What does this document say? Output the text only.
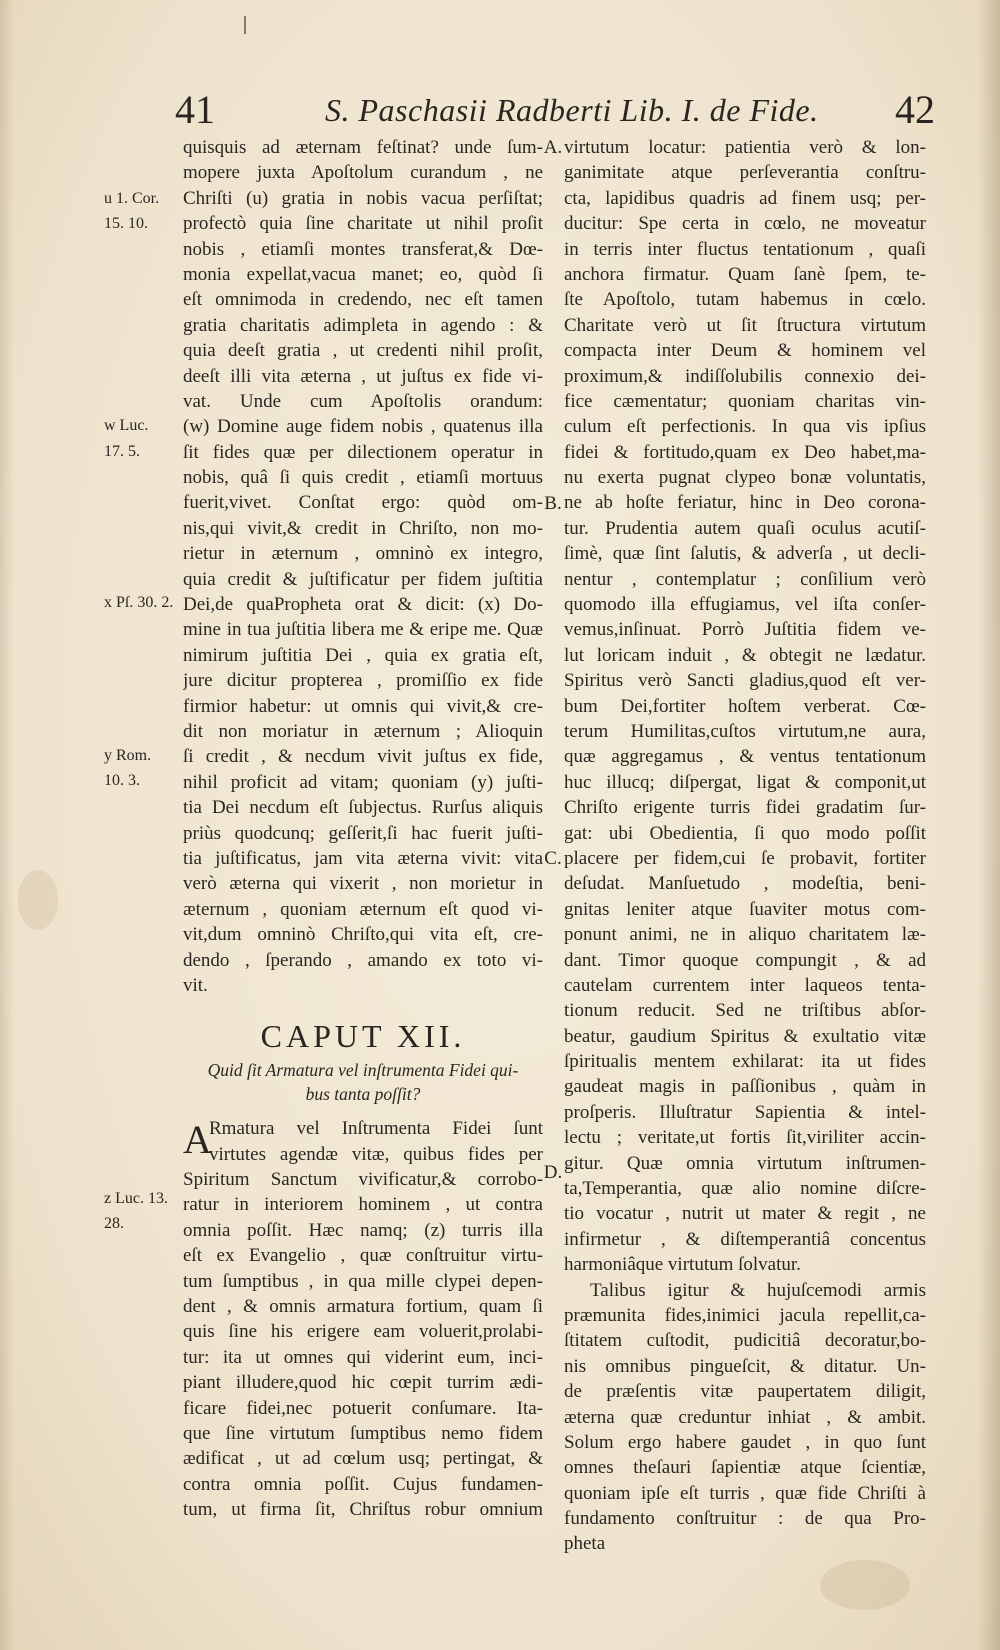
41	S. Paschasii Radberti Lib. I. de Fide. 42
u 1. Cor.
15. 10.
w Luc.
17. 5.
x Pſ. 30. 2.
y Rom.
10. 3.
z Luc. 13.
28.
A.
B.
C.
D.
quisquis ad æternam feſtinat? unde ſum-
mopere juxta Apoſtolum curandum , ne
Chriſti (u) gratia in nobis vacua perſiſtat;
profectò quia ſine charitate ut nihil proſit
nobis , etiamſi montes transferat,& Dœ-
monia expellat,vacua manet; eo, quòd ſi
eſt omnimoda in credendo, nec eſt tamen
gratia charitatis adimpleta in agendo : &
quia deeſt gratia , ut credenti nihil proſit,
deeſt illi vita æterna , ut juſtus ex fide vi-
vat. Unde cum Apoſtolis orandum:
(w) Domine auge fidem nobis , quatenus illa
ſit fides quæ per dilectionem operatur in
nobis, quâ ſi quis credit , etiamſi mortuus
fuerit,vivet. Conſtat ergo: quòd om-
nis,qui vivit,& credit in Chriſto, non mo-
rietur in æternum , omninò ex integro,
quia credit & juſtificatur per fidem juſtitia
Dei,de quaPropheta orat & dicit: (x) Do-
mine in tua juſtitia libera me & eripe me. Quæ
nimirum juſtitia Dei , quia ex gratia eſt,
jure dicitur propterea , promiſſio ex fide
firmior habetur: ut omnis qui vivit,& cre-
dit non moriatur in æternum ; Alioquin
ſi credit , & necdum vivit juſtus ex fide,
nihil proficit ad vitam; quoniam (y) juſti-
tia Dei necdum eſt ſubjectus. Rurſus aliquis
priùs quodcunq; geſſerit,ſi hac fuerit juſti-
tia juſtificatus, jam vita æterna vivit: vita
verò æterna qui vixerit , non morietur in
æternum , quoniam æternum eſt quod vi-
vit,dum omninò Chriſto,qui vita eſt, cre-
dendo , ſperando , amando ex toto vi-
vit.
CAPUT XII.
Quid ſit Armatura vel inſtrumenta Fidei qui-
bus tanta poſſit?
A
Rmatura vel Inſtrumenta Fidei ſunt
virtutes agendæ vitæ, quibus fides per
Spiritum Sanctum vivificatur,& corrobo-
ratur in interiorem hominem , ut contra
omnia poſſit. Hæc namq; (z) turris illa
eſt ex Evangelio , quæ conſtruitur virtu-
tum ſumptibus , in qua mille clypei depen-
dent , & omnis armatura fortium, quam ſi
quis ſine his erigere eam voluerit,prolabi-
tur: ita ut omnes qui viderint eum, inci-
piant illudere,quod hic cœpit turrim ædi-
ficare fidei,nec potuerit conſumare. Ita-
que ſine virtutum ſumptibus nemo fidem
ædificat , ut ad cœlum usq; pertingat, &
contra omnia poſſit. Cujus fundamen-
tum, ut firma ſit, Chriſtus robur omnium
virtutum locatur: patientia verò & lon-
ganimitate atque perſeverantia conſtru-
cta, lapidibus quadris ad finem usq; per-
ducitur: Spe certa in cœlo, ne moveatur
in terris inter fluctus tentationum , quaſi
anchora firmatur. Quam ſanè ſpem, te-
ſte Apoſtolo, tutam habemus in cœlo.
Charitate verò ut ſit ſtructura virtutum
compacta inter Deum & hominem vel
proximum,& indiſſolubilis connexio dei-
fice cæmentatur; quoniam charitas vin-
culum eſt perfectionis. In qua vis ipſius
fidei & fortitudo,quam ex Deo habet,ma-
nu exerta pugnat clypeo bonæ voluntatis,
ne ab hoſte feriatur, hinc in Deo corona-
tur. Prudentia autem quaſi oculus acutiſ-
ſimè, quæ ſint ſalutis, & adverſa , ut decli-
nentur , contemplatur ; conſilium verò
quomodo illa effugiamus, vel iſta conſer-
vemus,inſinuat. Porrò Juſtitia fidem ve-
lut loricam induit , & obtegit ne lædatur.
Spiritus verò Sancti gladius,quod eſt ver-
bum Dei,fortiter hoſtem verberat. Cœ-
terum Humilitas,cuſtos virtutum,ne aura,
quæ aggregamus , & ventus tentationum
huc illucq; diſpergat, ligat & componit,ut
Chriſto erigente turris fidei gradatim ſur-
gat: ubi Obedientia, ſi quo modo poſſit
placere per fidem,cui ſe probavit, fortiter
deſudat. Manſuetudo , modeſtia, beni-
gnitas leniter atque ſuaviter motus com-
ponunt animi, ne in aliquo charitatem læ-
dant. Timor quoque compungit , & ad
cautelam currentem inter laqueos tenta-
tionum reducit. Sed ne triſtibus abſor-
beatur, gaudium Spiritus & exultatio vitæ
ſpiritualis mentem exhilarat: ita ut fides
gaudeat magis in paſſionibus , quàm in
proſperis. Illuſtratur Sapientia & intel-
lectu ; veritate,ut fortis ſit,viriliter accin-
gitur. Quæ omnia virtutum inſtrumen-
ta,Temperantia, quæ alio nomine diſcre-
tio vocatur , nutrit ut mater & regit , ne
infirmetur , & diſtemperantiâ concentus
harmoniâque virtutum ſolvatur.
Talibus igitur & hujuſcemodi armis
præmunita fides,inimici jacula repellit,ca-
ſtitatem cuſtodit, pudicitiâ decoratur,bo-
nis omnibus pingueſcit, & ditatur. Un-
de præſentis vitæ paupertatem diligit,
æterna quæ creduntur inhiat , & ambit.
Solum ergo habere gaudet , in quo ſunt
omnes theſauri ſapientiæ atque ſcientiæ,
quoniam ipſe eſt turris , quæ fide Chriſti à
fundamento conſtruitur : de qua Pro-
pheta
